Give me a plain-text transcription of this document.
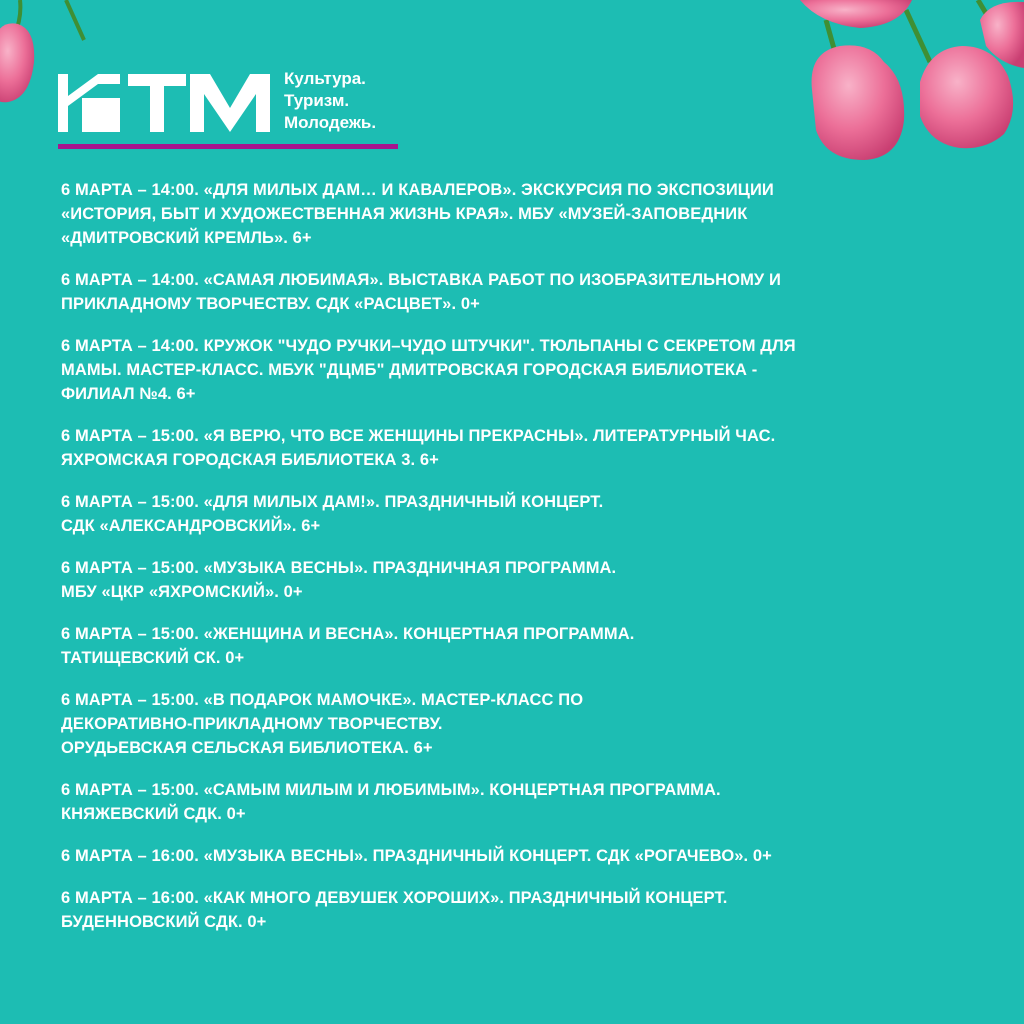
Культура.
Туризм.
Молодежь.
6 МАРТА – 14:00. «ДЛЯ МИЛЫХ ДАМ… И КАВАЛЕРОВ». ЭКСКУРСИЯ ПО ЭКСПОЗИЦИИ
«ИСТОРИЯ, БЫТ И ХУДОЖЕСТВЕННАЯ ЖИЗНЬ КРАЯ». МБУ «МУЗЕЙ-ЗАПОВЕДНИК
«ДМИТРОВСКИЙ КРЕМЛЬ». 6+
6 МАРТА – 14:00. «САМАЯ ЛЮБИМАЯ». ВЫСТАВКА РАБОТ ПО ИЗОБРАЗИТЕЛЬНОМУ И
ПРИКЛАДНОМУ ТВОРЧЕСТВУ. СДК «РАСЦВЕТ». 0+
6 МАРТА – 14:00. КРУЖОК "ЧУДО РУЧКИ–ЧУДО ШТУЧКИ". ТЮЛЬПАНЫ С СЕКРЕТОМ ДЛЯ
МАМЫ. МАСТЕР-КЛАСС. МБУК "ДЦМБ" ДМИТРОВСКАЯ ГОРОДСКАЯ БИБЛИОТЕКА -
ФИЛИАЛ №4. 6+
6 МАРТА – 15:00. «Я ВЕРЮ, ЧТО ВСЕ ЖЕНЩИНЫ ПРЕКРАСНЫ». ЛИТЕРАТУРНЫЙ ЧАС.
ЯХРОМСКАЯ ГОРОДСКАЯ БИБЛИОТЕКА 3. 6+
6 МАРТА – 15:00. «ДЛЯ МИЛЫХ ДАМ!». ПРАЗДНИЧНЫЙ КОНЦЕРТ.
СДК «АЛЕКСАНДРОВСКИЙ». 6+
6 МАРТА – 15:00. «МУЗЫКА ВЕСНЫ». ПРАЗДНИЧНАЯ ПРОГРАММА.
МБУ «ЦКР «ЯХРОМСКИЙ». 0+
6 МАРТА – 15:00. «ЖЕНЩИНА И ВЕСНА». КОНЦЕРТНАЯ ПРОГРАММА.
ТАТИЩЕВСКИЙ СК. 0+
6 МАРТА – 15:00. «В ПОДАРОК МАМОЧКЕ». МАСТЕР-КЛАСС ПО
ДЕКОРАТИВНО-ПРИКЛАДНОМУ ТВОРЧЕСТВУ.
ОРУДЬЕВСКАЯ СЕЛЬСКАЯ БИБЛИОТЕКА. 6+
6 МАРТА – 15:00. «САМЫМ МИЛЫМ И ЛЮБИМЫМ». КОНЦЕРТНАЯ ПРОГРАММА.
КНЯЖЕВСКИЙ СДК. 0+
6 МАРТА – 16:00. «МУЗЫКА ВЕСНЫ». ПРАЗДНИЧНЫЙ КОНЦЕРТ. СДК «РОГАЧЕВО». 0+
6 МАРТА – 16:00. «КАК МНОГО ДЕВУШЕК ХОРОШИХ». ПРАЗДНИЧНЫЙ КОНЦЕРТ.
БУДЕННОВСКИЙ СДК. 0+
